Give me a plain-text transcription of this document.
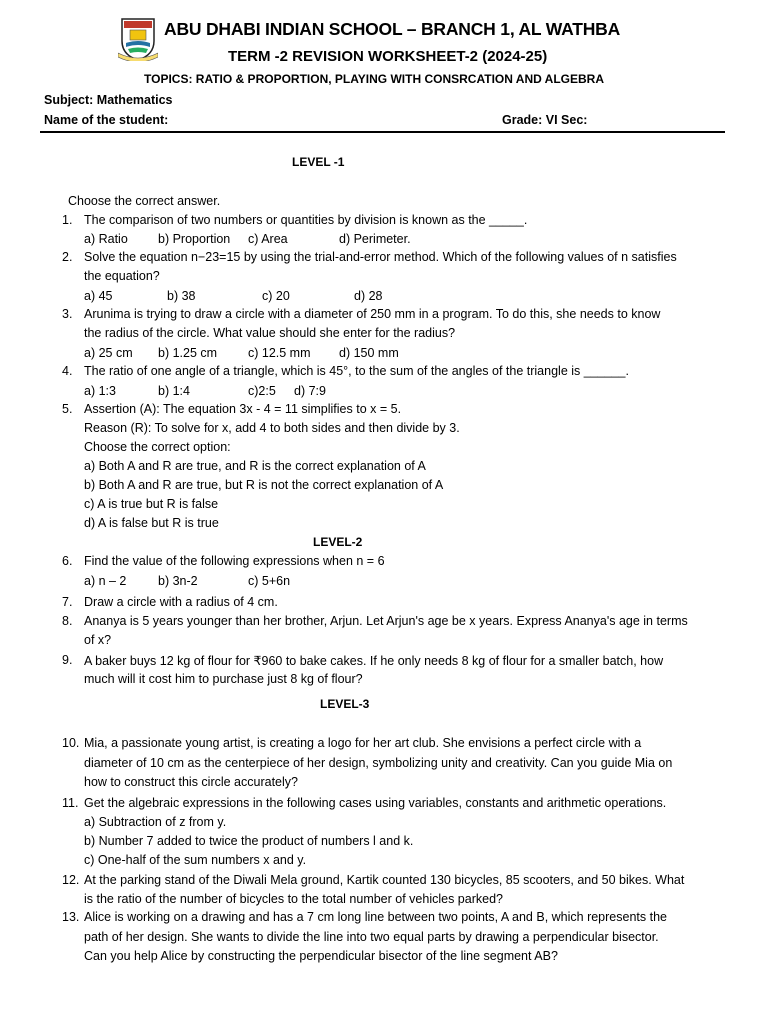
ABU DHABI INDIAN SCHOOL – BRANCH 1, AL WATHBA
TERM -2 REVISION WORKSHEET-2 (2024-25)
TOPICS: RATIO & PROPORTION, PLAYING WITH CONSRCATION AND ALGEBRA
Subject: Mathematics
Name of the student:	Grade: VI Sec:
LEVEL -1
Choose the correct answer.
1. The comparison of two numbers or quantities by division is known as the _____.
a) Ratio b) Proportion c) Area	d) Perimeter.
2. Solve the equation n−23=15 by using the trial-and-error method. Which of the following values of n satisfies
the equation?
a) 45	b) 38	c) 20	d) 28
3. Arunima is trying to draw a circle with a diameter of 250 mm in a program. To do this, she needs to know
the radius of the circle. What value should she enter for the radius?
a) 25 cm b) 1.25 cm c) 12.5 mm d) 150 mm
4. The ratio of one angle of a triangle, which is 45°, to the sum of the angles of the triangle is ______.
a) 1:3	b) 1:4	c)2:5 d) 7:9
5. Assertion (A): The equation 3x - 4 = 11 simplifies to x = 5.
Reason (R): To solve for x, add 4 to both sides and then divide by 3.
Choose the correct option:
a) Both A and R are true, and R is the correct explanation of A
b) Both A and R are true, but R is not the correct explanation of A
c) A is true but R is false
d) A is false but R is true
LEVEL-2
6. Find the value of the following expressions when n = 6
a) n – 2	b) 3n-2	c) 5+6n
7. Draw a circle with a radius of 4 cm.
8. Ananya is 5 years younger than her brother, Arjun. Let Arjun's age be x years. Express Ananya's age in terms
of x?
9. A baker buys 12 kg of flour for ₹960 to bake cakes. If he only needs 8 kg of flour for a smaller batch, how
much will it cost him to purchase just 8 kg of flour?
LEVEL-3
10. Mia, a passionate young artist, is creating a logo for her art club. She envisions a perfect circle with a
diameter of 10 cm as the centerpiece of her design, symbolizing unity and creativity. Can you guide Mia on
how to construct this circle accurately?
11. Get the algebraic expressions in the following cases using variables, constants and arithmetic operations.
a) Subtraction of z from y.
b) Number 7 added to twice the product of numbers l and k.
c) One-half of the sum numbers x and y.
12. At the parking stand of the Diwali Mela ground, Kartik counted 130 bicycles, 85 scooters, and 50 bikes. What
is the ratio of the number of bicycles to the total number of vehicles parked?
13. Alice is working on a drawing and has a 7 cm long line between two points, A and B, which represents the
path of her design. She wants to divide the line into two equal parts by drawing a perpendicular bisector.
Can you help Alice by constructing the perpendicular bisector of the line segment AB?
